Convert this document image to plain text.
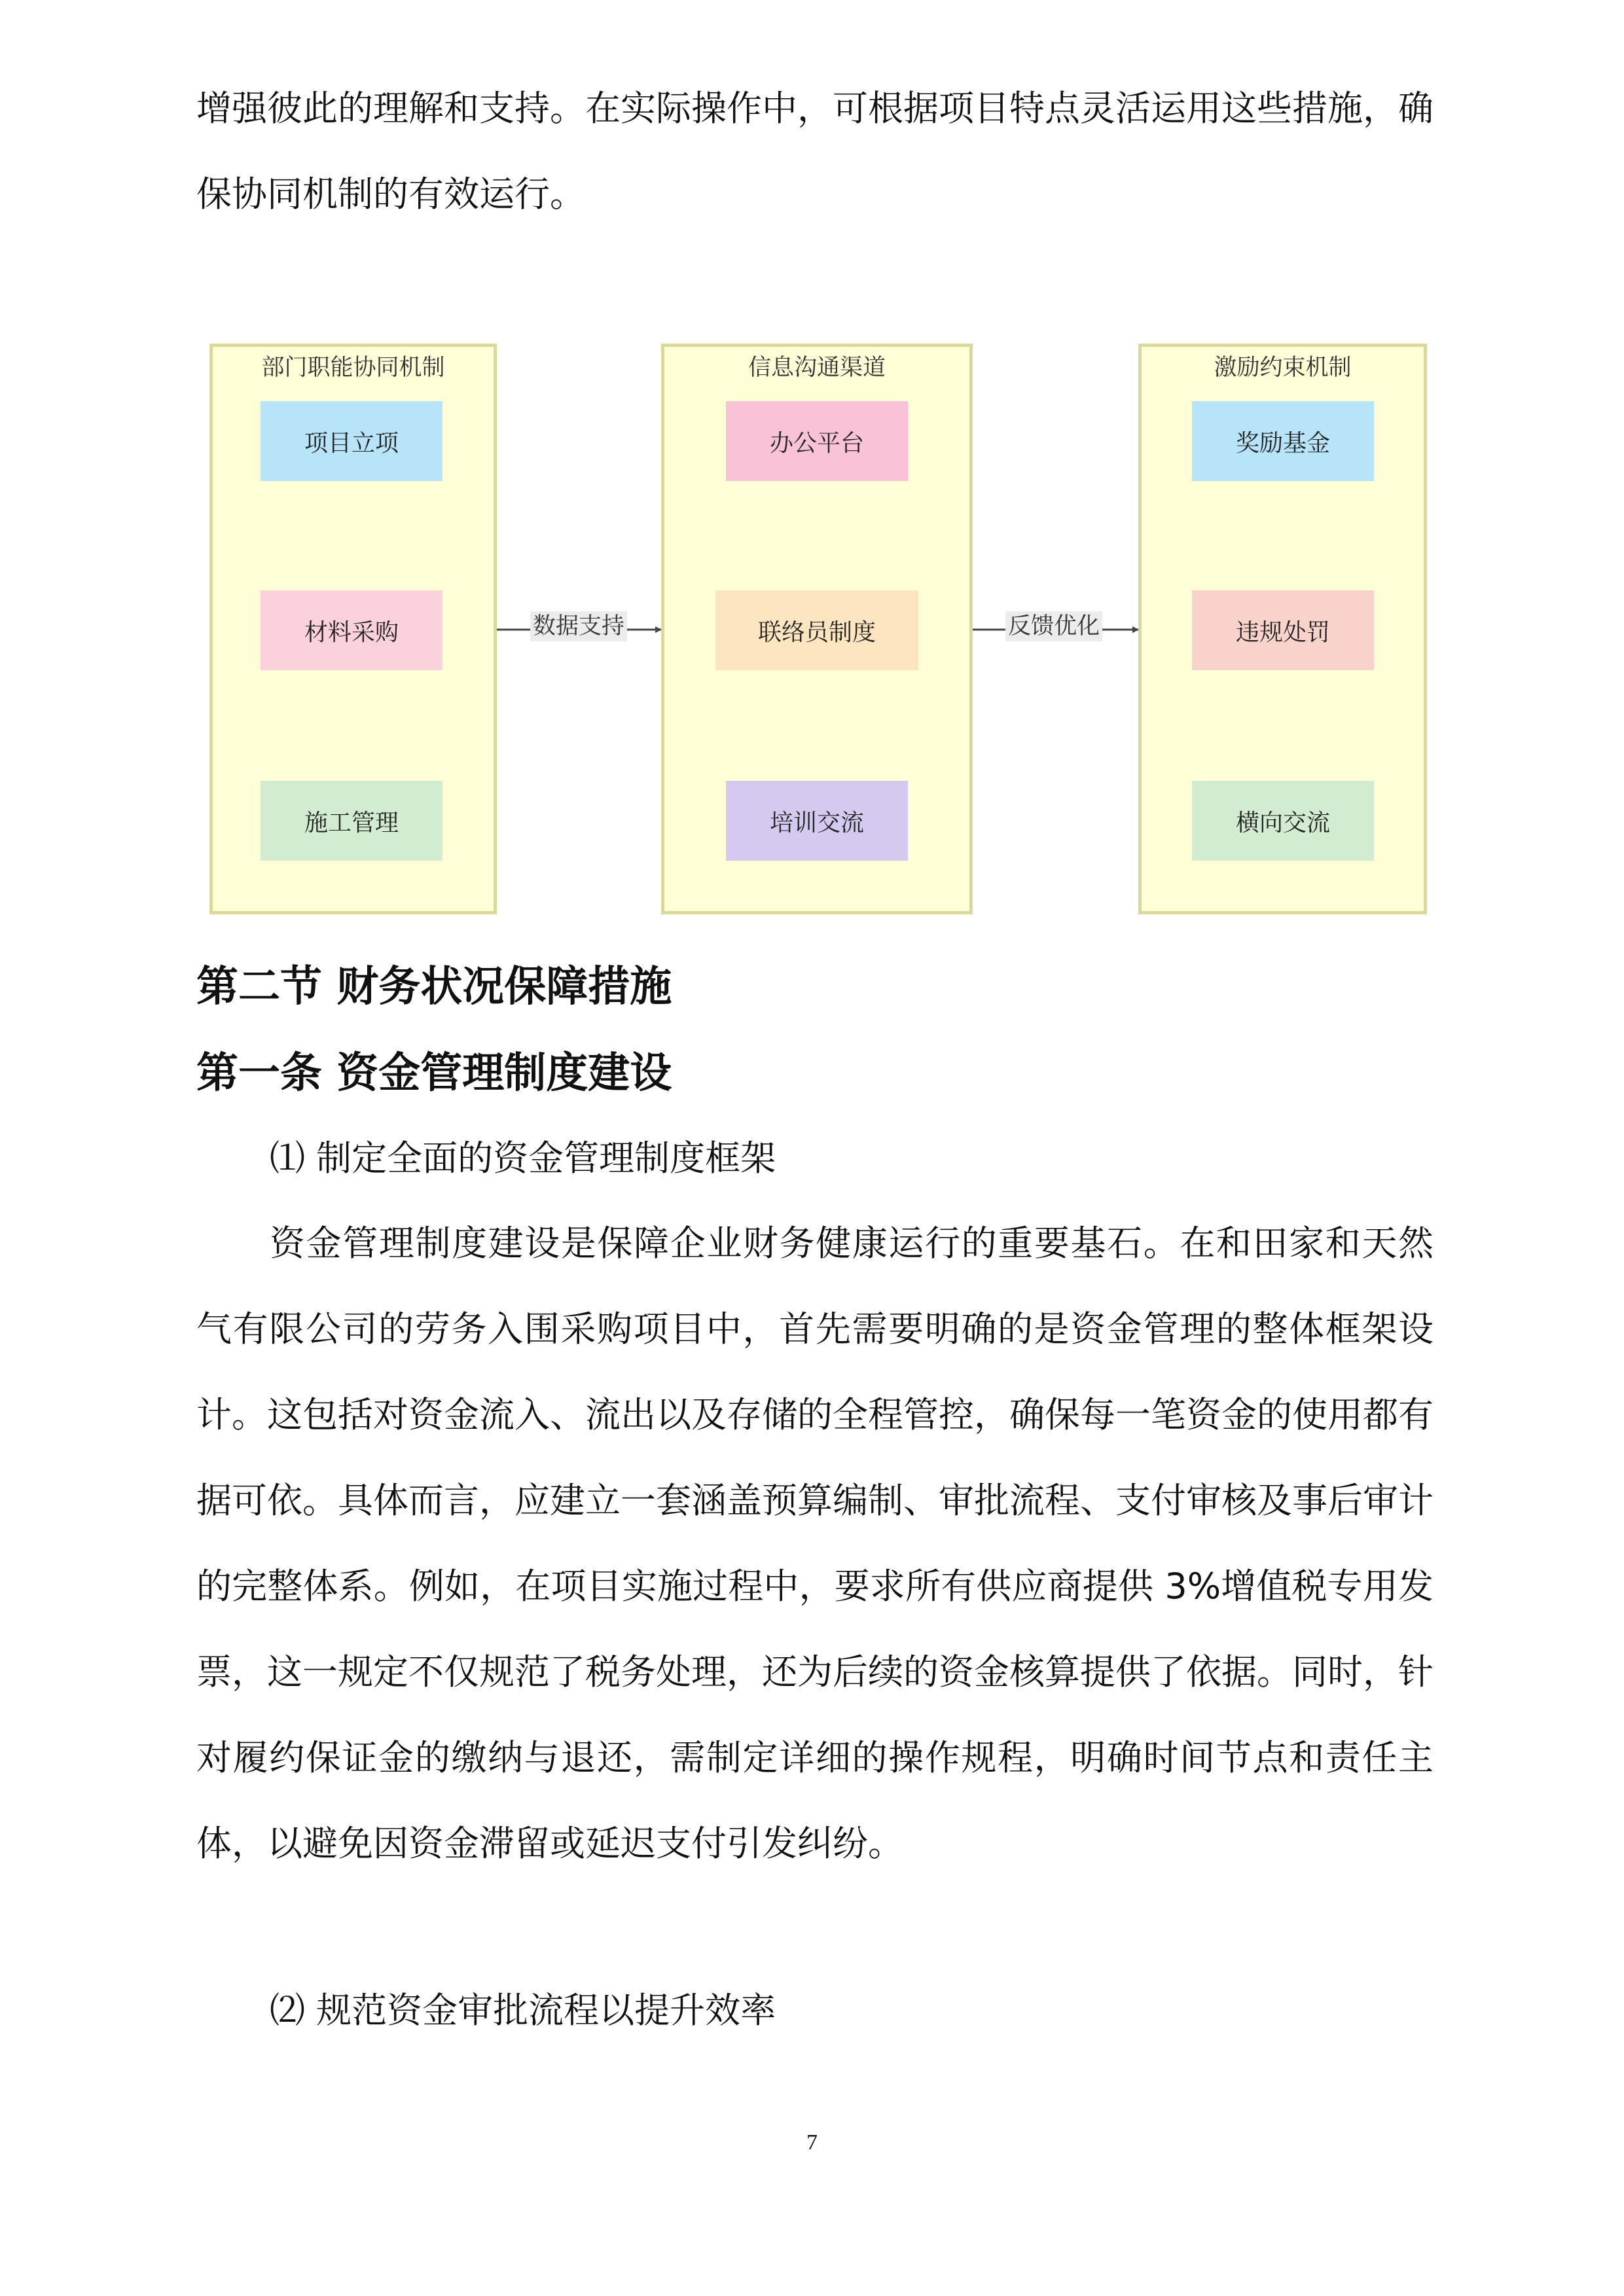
增强彼此的理解和支持。在实际操作中，可根据项目特点灵活运用这些措施，确保协同机制的有效运行。

部门职能协同机制	信息沟通渠道	激励约束机制
项目立项
材料采购
施工管理
办公平台
联络员制度
培训交流
奖励基金
违规处罚
横向交流
数据支持	反馈优化

第二节 财务状况保障措施

第一条 资金管理制度建设

⑴ 制定全面的资金管理制度框架

资金管理制度建设是保障企业财务健康运行的重要基石。在和田家和天然气有限公司的劳务入围采购项目中，首先需要明确的是资金管理的整体框架设计。这包括对资金流入、流出以及存储的全程管控，确保每一笔资金的使用都有据可依。具体而言，应建立一套涵盖预算编制、审批流程、支付审核及事后审计的完整体系。例如，在项目实施过程中，要求所有供应商提供 3%增值税专用发票，这一规定不仅规范了税务处理，还为后续的资金核算提供了依据。同时，针对履约保证金的缴纳与退还，需制定详细的操作规程，明确时间节点和责任主体，以避免因资金滞留或延迟支付引发纠纷。

⑵ 规范资金审批流程以提升效率

7
